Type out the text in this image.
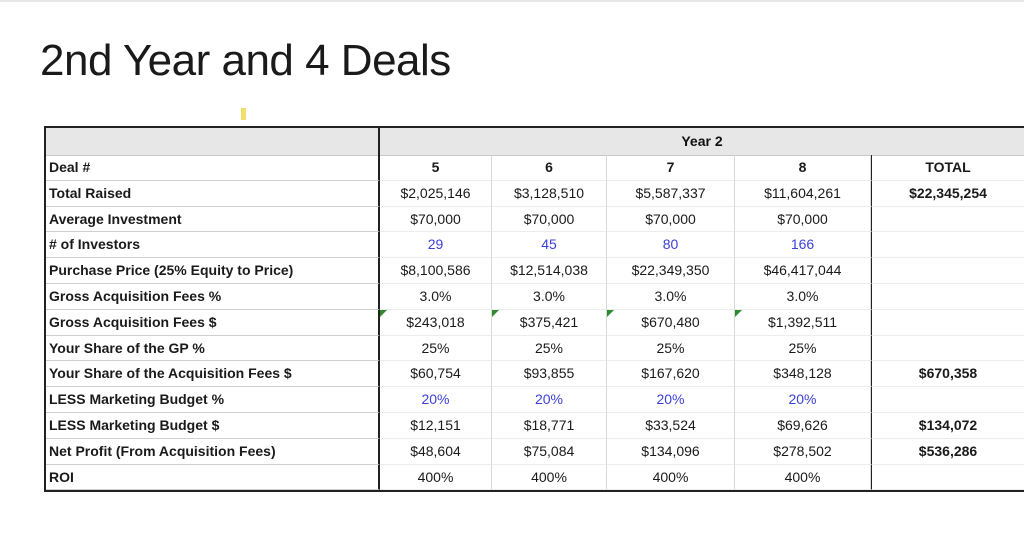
2nd Year and 4 Deals
Year 2
Deal #	5	6	7	8	TOTAL
Total Raised	$2,025,146	$3,128,510	$5,587,337	$11,604,261	$22,345,254
Average Investment	$70,000	$70,000	$70,000	$70,000
# of Investors	29	45	80	166
Purchase Price (25% Equity to Price)	$8,100,586	$12,514,038	$22,349,350	$46,417,044
Gross Acquisition Fees %	3.0%	3.0%	3.0%	3.0%
Gross Acquisition Fees $	$243,018	$375,421	$670,480	$1,392,511
Your Share of the GP %	25%	25%	25%	25%
Your Share of the Acquisition Fees $	$60,754	$93,855	$167,620	$348,128	$670,358
LESS Marketing Budget %	20%	20%	20%	20%
LESS Marketing Budget $	$12,151	$18,771	$33,524	$69,626	$134,072
Net Profit (From Acquisition Fees)	$48,604	$75,084	$134,096	$278,502	$536,286
ROI	400%	400%	400%	400%
